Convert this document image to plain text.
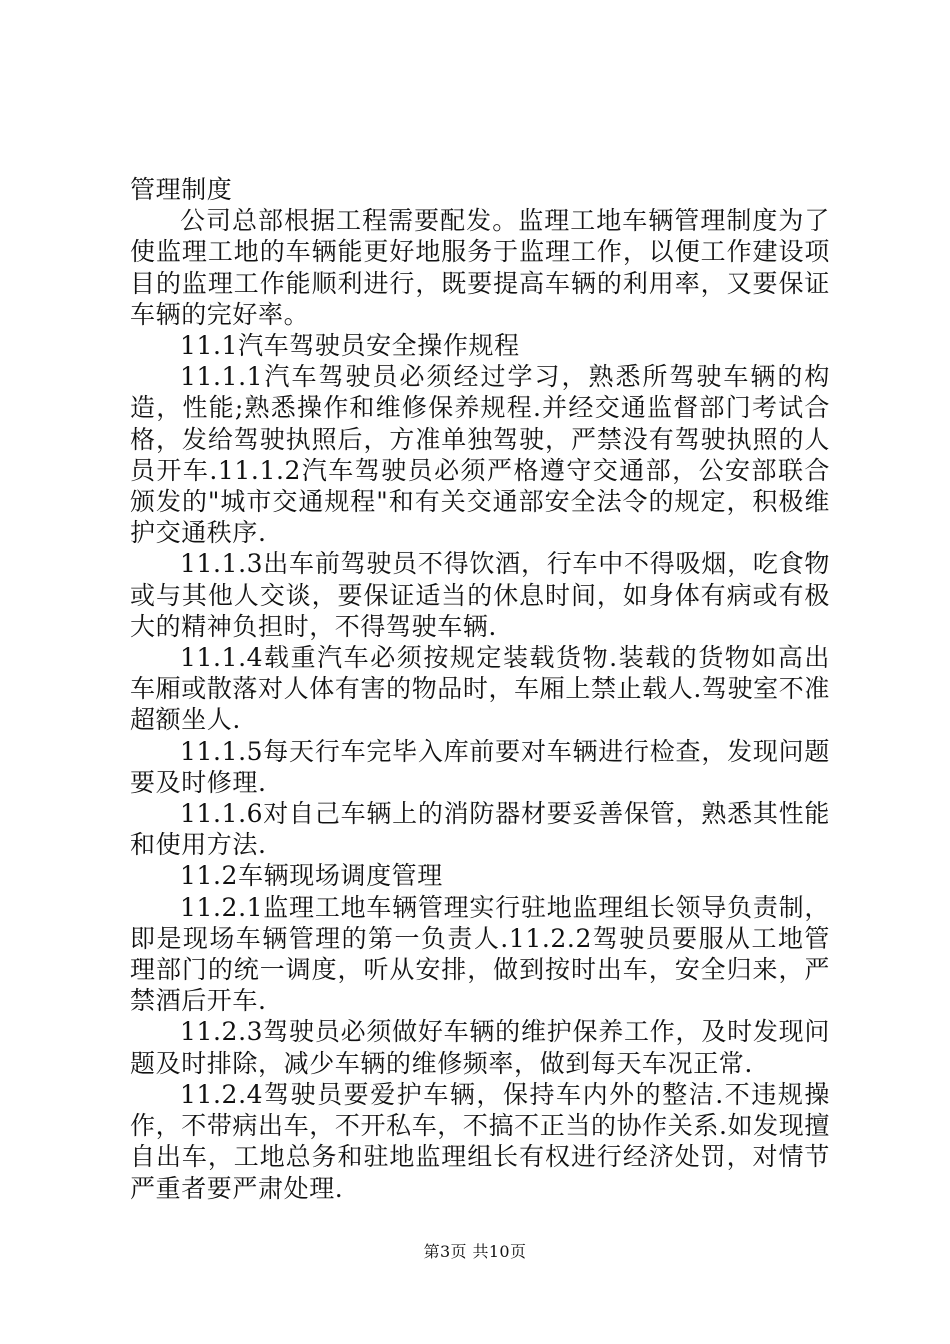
管理制度

公司总部根据工程需要配发。监理工地车辆管理制度为了使监理工地的车辆能更好地服务于监理工作，以便工作建设项目的监理工作能顺利进行，既要提高车辆的利用率，又要保证车辆的完好率。

11.1汽车驾驶员安全操作规程

11.1.1汽车驾驶员必须经过学习，熟悉所驾驶车辆的构造，性能;熟悉操作和维修保养规程.并经交通监督部门考试合格，发给驾驶执照后，方准单独驾驶，严禁没有驾驶执照的人员开车.11.1.2汽车驾驶员必须严格遵守交通部，公安部联合颁发的"城市交通规程"和有关交通部安全法令的规定，积极维护交通秩序.

11.1.3出车前驾驶员不得饮酒，行车中不得吸烟，吃食物或与其他人交谈，要保证适当的休息时间，如身体有病或有极大的精神负担时，不得驾驶车辆.

11.1.4载重汽车必须按规定装载货物.装载的货物如高出车厢或散落对人体有害的物品时，车厢上禁止载人.驾驶室不准超额坐人.

11.1.5每天行车完毕入库前要对车辆进行检查，发现问题要及时修理.

11.1.6对自己车辆上的消防器材要妥善保管，熟悉其性能和使用方法.

11.2车辆现场调度管理

11.2.1监理工地车辆管理实行驻地监理组长领导负责制，即是现场车辆管理的第一负责人.11.2.2驾驶员要服从工地管理部门的统一调度，听从安排，做到按时出车，安全归来，严禁酒后开车.

11.2.3驾驶员必须做好车辆的维护保养工作，及时发现问题及时排除，减少车辆的维修频率，做到每天车况正常.

11.2.4驾驶员要爱护车辆，保持车内外的整洁.不违规操作，不带病出车，不开私车，不搞不正当的协作关系.如发现擅自出车，工地总务和驻地监理组长有权进行经济处罚，对情节严重者要严肃处理.

第3页 共10页
